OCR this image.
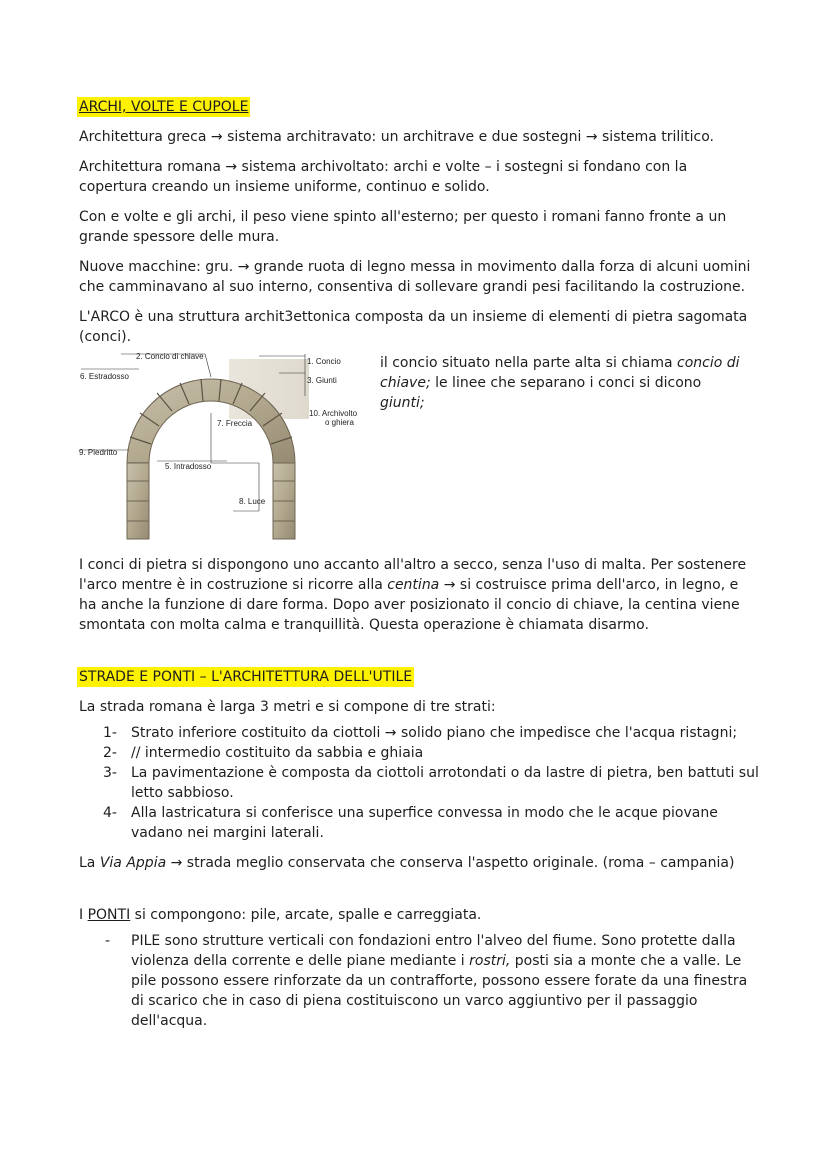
ARCHI, VOLTE E CUPOLE

Architettura greca → sistema architravato: un architrave e due sostegni → sistema trilitico.

Architettura romana → sistema archivoltato: archi e volte – i sostegni si fondano con la copertura creando un insieme uniforme, continuo e solido.

Con e volte e gli archi, il peso viene spinto all'esterno; per questo i romani fanno fronte a un grande spessore delle mura.

Nuove macchine: gru. → grande ruota di legno messa in movimento dalla forza di alcuni uomini che camminavano al suo interno, consentiva di sollevare grandi pesi facilitando la costruzione.

L'ARCO è una struttura archit3ettonica composta da un insieme di elementi di pietra sagomata (conci).

2. Concio di chiave
6. Estradosso
1. Concio
3. Giunti
7. Freccia
10. Archivolto
o ghiera
9. Piedritto
5. Intradosso
8. Luce
il concio situato nella parte alta si chiama concio di chiave; le linee che separano i conci si dicono giunti;

I conci di pietra si dispongono uno accanto all'altro a secco, senza l'uso di malta. Per sostenere l'arco mentre è in costruzione si ricorre alla centina → si costruisce prima dell'arco, in legno, e ha anche la funzione di dare forma. Dopo aver posizionato il concio di chiave, la centina viene smontata con molta calma e tranquillità. Questa operazione è chiamata disarmo.

STRADE E PONTI – L'ARCHITETTURA DELL'UTILE

La strada romana è larga 3 metri e si compone di tre strati:

1- Strato inferiore costituito da ciottoli → solido piano che impedisce che l'acqua ristagni;
2- // intermedio costituito da sabbia e ghiaia
3- La pavimentazione è composta da ciottoli arrotondati o da lastre di pietra, ben battuti sul letto sabbioso.
4- Alla lastricatura si conferisce una superfice convessa in modo che le acque piovane vadano nei margini laterali.

La Via Appia → strada meglio conservata che conserva l'aspetto originale. (roma – campania)

I PONTI si compongono: pile, arcate, spalle e carreggiata.

- PILE sono strutture verticali con fondazioni entro l'alveo del fiume. Sono protette dalla violenza della corrente e delle piane mediante i rostri, posti sia a monte che a valle. Le pile possono essere rinforzate da un contrafforte, possono essere forate da una finestra di scarico che in caso di piena costituiscono un varco aggiuntivo per il passaggio dell'acqua.
